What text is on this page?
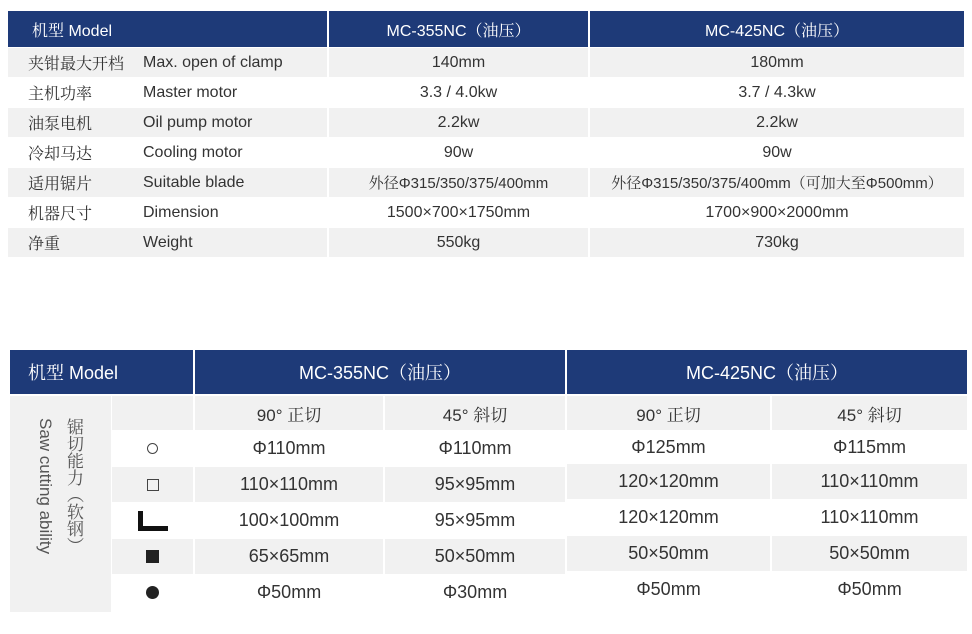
机型 Model	MC-355NC（油压）	MC-425NC（油压）
夹钳最大开档	Max. open of clamp	140mm	180mm
主机功率	Master motor	3.3 / 4.0kw	3.7 / 4.3kw
油泵电机	Oil pump motor	2.2kw	2.2kw
冷却马达	Cooling motor	90w	90w
适用锯片	Suitable blade	外径Φ315/350/375/400mm	外径Φ315/350/375/400mm（可加大至Φ500mm）
机器尺寸	Dimension	1500×700×1750mm	1700×900×2000mm
净重	Weight	550kg	730kg
机型 Model	MC-355NC（油压）	MC-425NC（油压）
Saw cutting ability 锯切能力（软钢）
90° 正切	45° 斜切	90° 正切	45° 斜切
Φ110mm	Φ110mm	Φ125mm	Φ115mm
110×110mm	95×95mm	120×120mm	110×110mm
100×100mm	95×95mm	120×120mm	110×110mm
65×65mm	50×50mm	50×50mm	50×50mm
Φ50mm	Φ30mm	Φ50mm	Φ50mm
